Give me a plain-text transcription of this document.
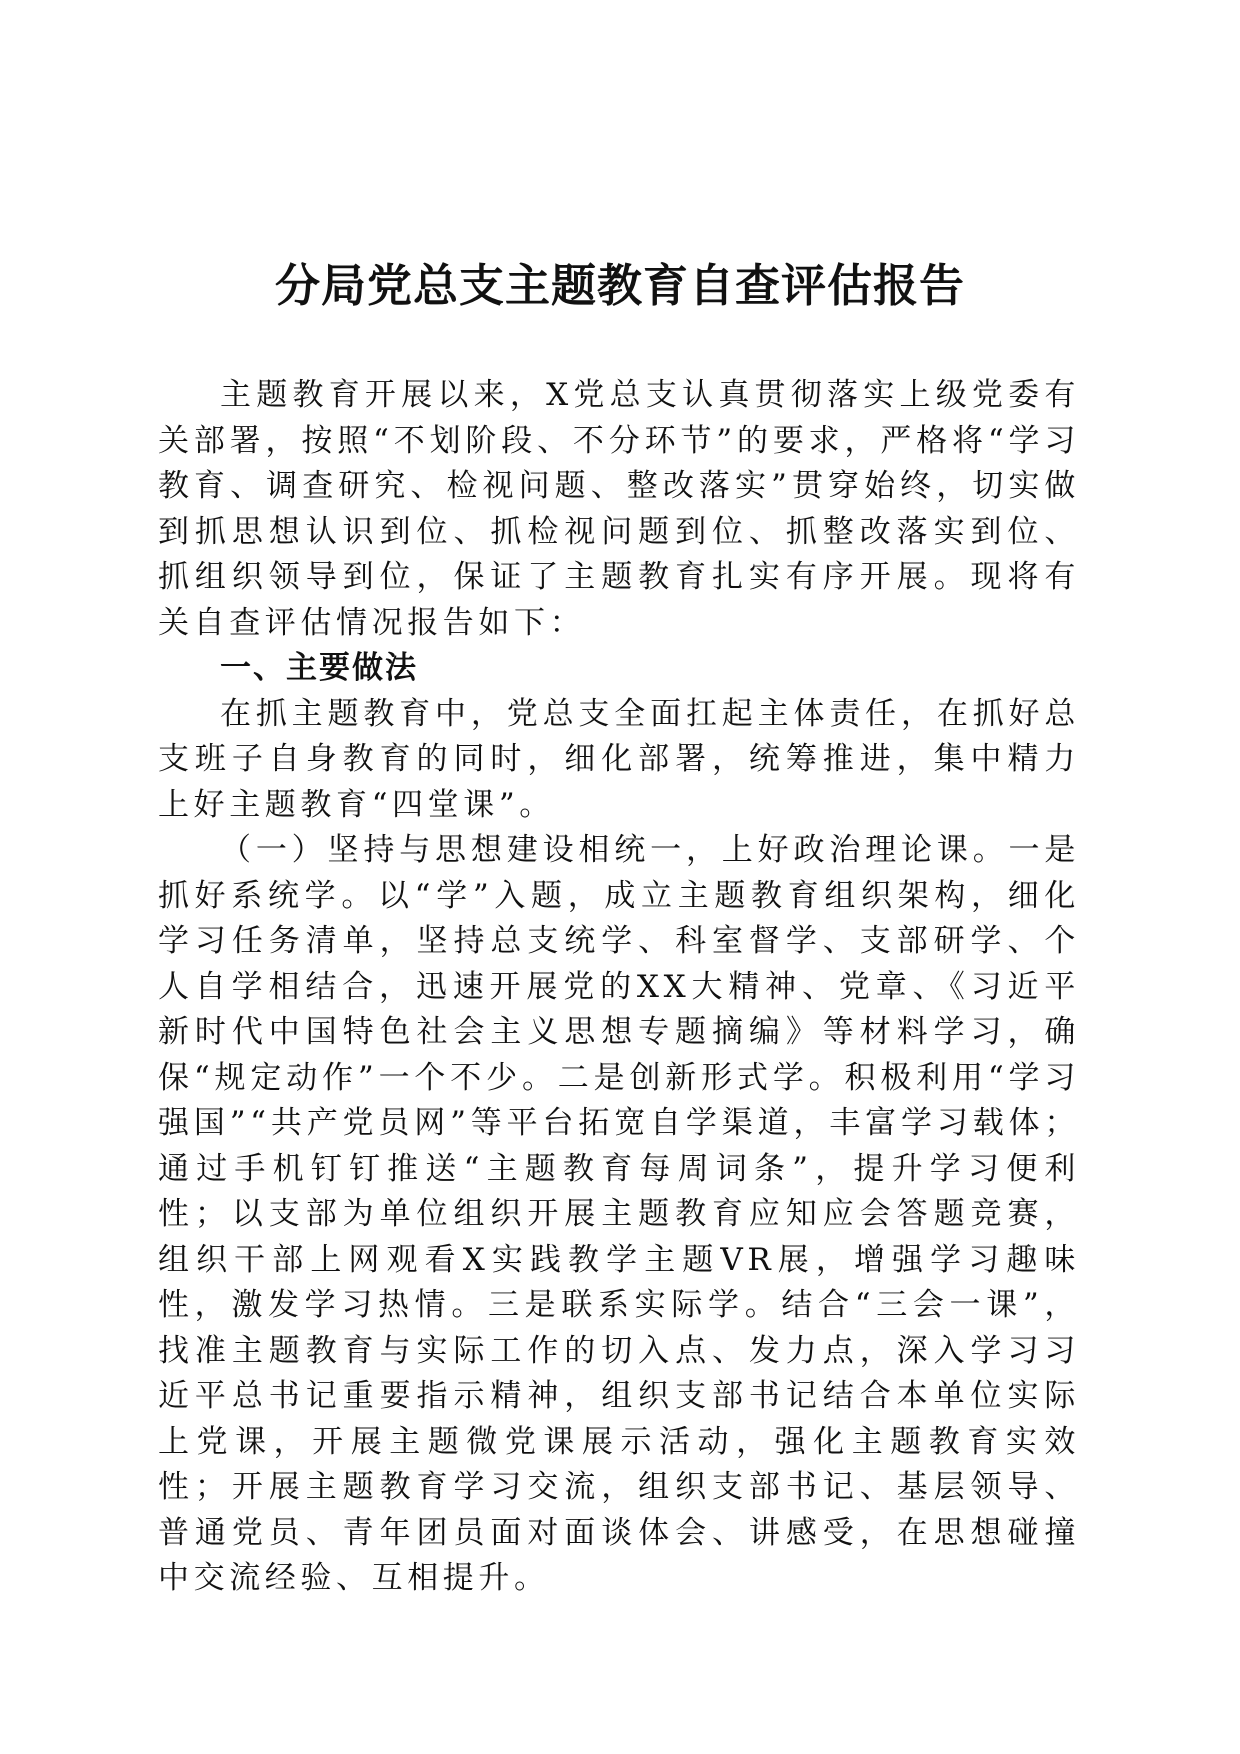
分局党总支主题教育自查评估报告

主题教育开展以来，X党总支认真贯彻落实上级党委有关部署，按照“不划阶段、不分环节”的要求，严格将“学习教育、调查研究、检视问题、整改落实”贯穿始终，切实做到抓思想认识到位、抓检视问题到位、抓整改落实到位、抓组织领导到位，保证了主题教育扎实有序开展。现将有关自查评估情况报告如下：

一、主要做法

在抓主题教育中，党总支全面扛起主体责任，在抓好总支班子自身教育的同时，细化部署，统筹推进，集中精力上好主题教育“四堂课”。

（一）坚持与思想建设相统一，上好政治理论课。一是抓好系统学。以“学”入题，成立主题教育组织架构，细化学习任务清单，坚持总支统学、科室督学、支部研学、个人自学相结合，迅速开展党的XX大精神、党章、《习近平新时代中国特色社会主义思想专题摘编》等材料学习，确保“规定动作”一个不少。二是创新形式学。积极利用“学习强国”“共产党员网”等平台拓宽自学渠道，丰富学习载体；通过手机钉钉推送“主题教育每周词条”，提升学习便利性；以支部为单位组织开展主题教育应知应会答题竞赛，组织干部上网观看X实践教学主题VR展，增强学习趣味性，激发学习热情。三是联系实际学。结合“三会一课”，找准主题教育与实际工作的切入点、发力点，深入学习习近平总书记重要指示精神，组织支部书记结合本单位实际上党课，开展主题微党课展示活动，强化主题教育实效性；开展主题教育学习交流，组织支部书记、基层领导、普通党员、青年团员面对面谈体会、讲感受，在思想碰撞中交流经验、互相提升。
